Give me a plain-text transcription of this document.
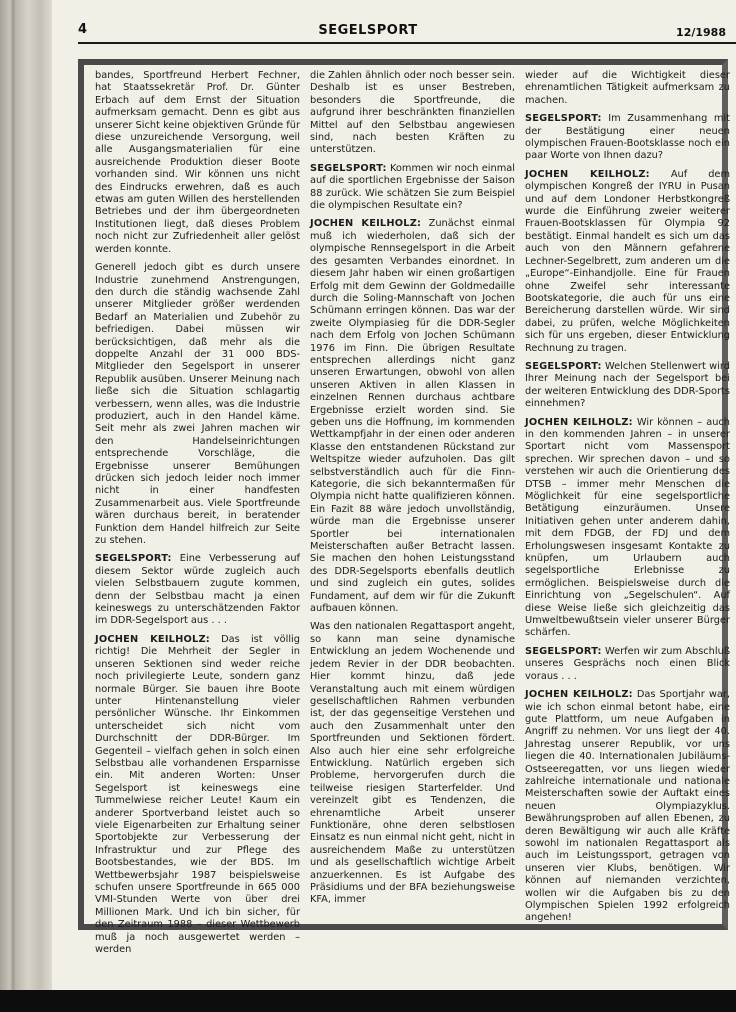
4	SEGELSPORT	12/1988

bandes, Sportfreund Herbert Fechner, hat Staatssekretär Prof. Dr. Günter Erbach auf dem Ernst der Situation aufmerksam gemacht. Denn es gibt aus unserer Sicht keine objektiven Gründe für diese unzureichende Versorgung, weil alle Ausgangsmaterialien für eine ausreichende Produktion dieser Boote vorhanden sind. Wir können uns nicht des Eindrucks erwehren, daß es auch etwas am guten Willen des herstellenden Betriebes und der ihm übergeordneten Institutionen liegt, daß dieses Problem noch nicht zur Zufriedenheit aller gelöst werden konnte.

Generell jedoch gibt es durch unsere Industrie zunehmend Anstrengungen, den durch die ständig wachsende Zahl unserer Mitglieder größer werdenden Bedarf an Materialien und Zubehör zu befriedigen. Dabei müssen wir berücksichtigen, daß mehr als die doppelte Anzahl der 31 000 BDS-Mitglieder den Segelsport in unserer Republik ausüben. Unserer Meinung nach ließe sich die Situation schlagartig verbessern, wenn alles, was die Industrie produziert, auch in den Handel käme. Seit mehr als zwei Jahren machen wir den Handelseinrichtungen entsprechende Vorschläge, die Ergebnisse unserer Bemühungen drücken sich jedoch leider noch immer nicht in einer handfesten Zusammenarbeit aus. Viele Sportfreunde wären durchaus bereit, in beratender Funktion dem Handel hilfreich zur Seite zu stehen.

SEGELSPORT: Eine Verbesserung auf diesem Sektor würde zugleich auch vielen Selbstbauern zugute kommen, denn der Selbstbau macht ja einen keineswegs zu unterschätzenden Faktor im DDR-Segelsport aus . . .

JOCHEN KEILHOLZ: Das ist völlig richtig! Die Mehrheit der Segler in unseren Sektionen sind weder reiche noch privilegierte Leute, sondern ganz normale Bürger. Sie bauen ihre Boote unter Hintenanstellung vieler persönlicher Wünsche. Ihr Einkommen unterscheidet sich nicht vom Durchschnitt der DDR-Bürger. Im Gegenteil – vielfach gehen in solch einen Selbstbau alle vorhandenen Ersparnisse ein. Mit anderen Worten: Unser Segelsport ist keineswegs eine Tummelwiese reicher Leute! Kaum ein anderer Sportverband leistet auch so viele Eigenarbeiten zur Erhaltung seiner Sportobjekte zur Verbesserung der Infrastruktur und zur Pflege des Bootsbestandes, wie der BDS. Im Wettbewerbsjahr 1987 beispielsweise schufen unsere Sportfreunde in 665 000 VMI-Stunden Werte von über drei Millionen Mark. Und ich bin sicher, für den Zeitraum 1988 – dieser Wettbewerb muß ja noch ausgewertet werden – werden

die Zahlen ähnlich oder noch besser sein. Deshalb ist es unser Bestreben, besonders die Sportfreunde, die aufgrund ihrer beschränkten finanziellen Mittel auf den Selbstbau angewiesen sind, nach besten Kräften zu unterstützen.

SEGELSPORT: Kommen wir noch einmal auf die sportlichen Ergebnisse der Saison 88 zurück. Wie schätzen Sie zum Beispiel die olympischen Resultate ein?

JOCHEN KEILHOLZ: Zunächst einmal muß ich wiederholen, daß sich der olympische Rennsegelsport in die Arbeit des gesamten Verbandes einordnet. In diesem Jahr haben wir einen großartigen Erfolg mit dem Gewinn der Goldmedaille durch die Soling-Mannschaft von Jochen Schümann erringen können. Das war der zweite Olympiasieg für die DDR-Segler nach dem Erfolg von Jochen Schümann 1976 im Finn. Die übrigen Resultate entsprechen allerdings nicht ganz unseren Erwartungen, obwohl von allen unseren Aktiven in allen Klassen in einzelnen Rennen durchaus achtbare Ergebnisse erzielt worden sind. Sie geben uns die Hoffnung, im kommenden Wettkampfjahr in der einen oder anderen Klasse den entstandenen Rückstand zur Weltspitze wieder aufzuholen. Das gilt selbstverständlich auch für die Finn-Kategorie, die sich bekanntermaßen für Olympia nicht hatte qualifizieren können. Ein Fazit 88 wäre jedoch unvollständig, würde man die Ergebnisse unserer Sportler bei internationalen Meisterschaften außer Betracht lassen. Sie machen den hohen Leistungsstand des DDR-Segelsports ebenfalls deutlich und sind zugleich ein gutes, solides Fundament, auf dem wir für die Zukunft aufbauen können.

Was den nationalen Regattasport angeht, so kann man seine dynamische Entwicklung an jedem Wochenende und jedem Revier in der DDR beobachten. Hier kommt hinzu, daß jede Veranstaltung auch mit einem würdigen gesellschaftlichen Rahmen verbunden ist, der das gegenseitige Verstehen und auch den Zusammenhalt unter den Sportfreunden und Sektionen fördert. Also auch hier eine sehr erfolgreiche Entwicklung. Natürlich ergeben sich Probleme, hervorgerufen durch die teilweise riesigen Starterfelder. Und vereinzelt gibt es Tendenzen, die ehrenamtliche Arbeit unserer Funktionäre, ohne deren selbstlosen Einsatz es nun einmal nicht geht, nicht in ausreichendem Maße zu unterstützen und als gesellschaftlich wichtige Arbeit anzuerkennen. Es ist Aufgabe des Präsidiums und der BFA beziehungsweise KFA, immer

wieder auf die Wichtigkeit dieser ehrenamtlichen Tätigkeit aufmerksam zu machen.

SEGELSPORT: Im Zusammenhang mit der Bestätigung einer neuen olympischen Frauen-Bootsklasse noch ein paar Worte von Ihnen dazu?

JOCHEN KEILHOLZ: Auf dem olympischen Kongreß der IYRU in Pusan und auf dem Londoner Herbstkongreß wurde die Einführung zweier weiterer Frauen-Bootsklassen für Olympia 92 bestätigt. Einmal handelt es sich um das auch von den Männern gefahrene Lechner-Segelbrett, zum anderen um die „Europe“-Einhandjolle. Eine für Frauen ohne Zweifel sehr interessante Bootskategorie, die auch für uns eine Bereicherung darstellen würde. Wir sind dabei, zu prüfen, welche Möglichkeiten sich für uns ergeben, dieser Entwicklung Rechnung zu tragen.

SEGELSPORT: Welchen Stellenwert wird Ihrer Meinung nach der Segelsport bei der weiteren Entwicklung des DDR-Sports einnehmen?

JOCHEN KEILHOLZ: Wir können – auch in den kommenden Jahren – in unserer Sportart nicht vom Massensport sprechen. Wir sprechen davon – und so verstehen wir auch die Orientierung des DTSB – immer mehr Menschen die Möglichkeit für eine segelsportliche Betätigung einzuräumen. Unsere Initiativen gehen unter anderem dahin, mit dem FDGB, der FDJ und dem Erholungswesen insgesamt Kontakte zu knüpfen, um Urlaubern auch segelsportliche Erlebnisse zu ermöglichen. Beispielsweise durch die Einrichtung von „Segelschulen“. Auf diese Weise ließe sich gleichzeitig das Umweltbewußtsein vieler unserer Bürger schärfen.

SEGELSPORT: Werfen wir zum Abschluß unseres Gesprächs noch einen Blick voraus . . .

JOCHEN KEILHOLZ: Das Sportjahr war, wie ich schon einmal betont habe, eine gute Plattform, um neue Aufgaben in Angriff zu nehmen. Vor uns liegt der 40. Jahrestag unserer Republik, vor uns liegen die 40. Internationalen Jubiläums-Ostseeregatten, vor uns liegen wieder zahlreiche internationale und nationale Meisterschaften sowie der Auftakt eines neuen Olympiazyklus. Bewährungsproben auf allen Ebenen, zu deren Bewältigung wir auch alle Kräfte sowohl im nationalen Regattasport als auch im Leistungssport, getragen von unseren vier Klubs, benötigen. Wir können auf niemanden verzichten, wollen wir die Aufgaben bis zu den Olympischen Spielen 1992 erfolgreich angehen!
